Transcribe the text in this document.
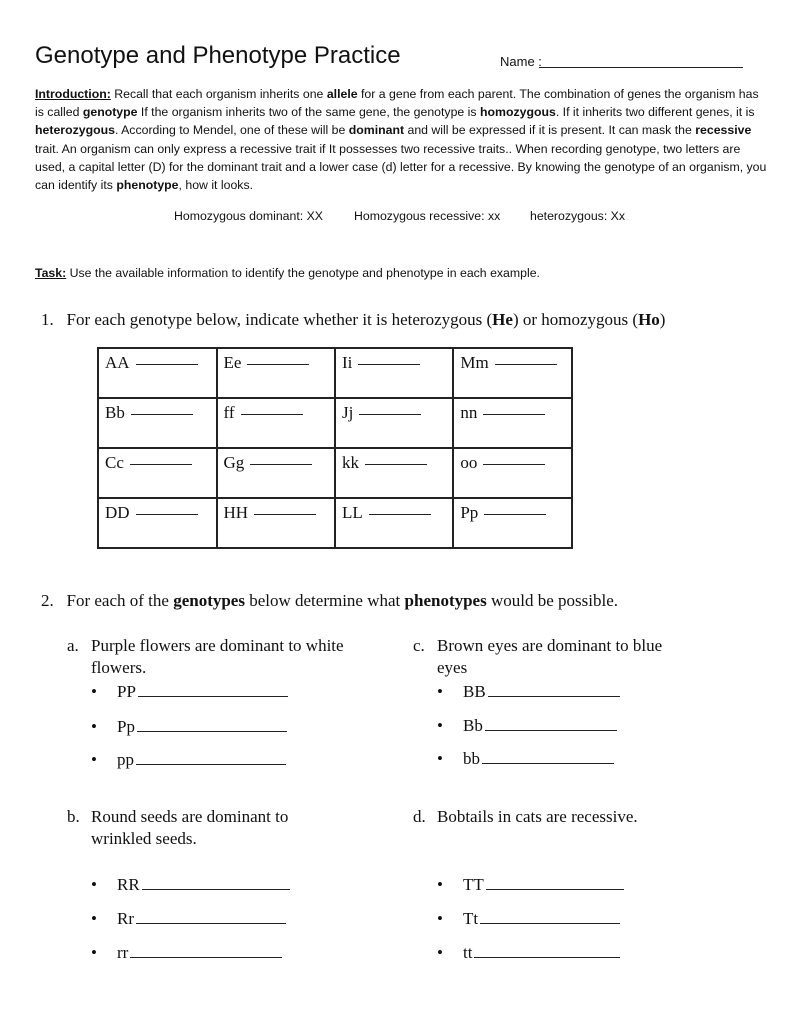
Genotype and Phenotype Practice	Name :
Introduction: Recall that each organism inherits one allele for a gene from each parent. The combination of genes the organism has is called genotype If the organism inherits two of the same gene, the genotype is homozygous. If it inherits two different genes, it is heterozygous. According to Mendel, one of these will be dominant and will be expressed if it is present. It can mask the recessive trait. An organism can only express a recessive trait if It possesses two recessive traits.. When recording genotype, two letters are used, a capital letter (D) for the dominant trait and a lower case (d) letter for a recessive. By knowing the genotype of an organism, you can identify its phenotype, how it looks.
Homozygous dominant: XX	Homozygous recessive: xx heterozygous: Xx
Task: Use the available information to identify the genotype and phenotype in each example.
1. For each genotype below, indicate whether it is heterozygous (He) or homozygous (Ho)
AA	Ee	Ii	Mm
Bb	ff	Jj	nn
Cc	Gg	kk	oo
DD	HH	LL	Pp
2. For each of the genotypes below determine what phenotypes would be possible.
a. Purple flowers are dominant to white
flowers.
• PP
• Pp
• pp
b. Round seeds are dominant to
wrinkled seeds.
• RR
• Rr
• rr
c. Brown eyes are dominant to blue
eyes
• BB
• Bb
• bb
d. Bobtails in cats are recessive.
• TT
• Tt
• tt
